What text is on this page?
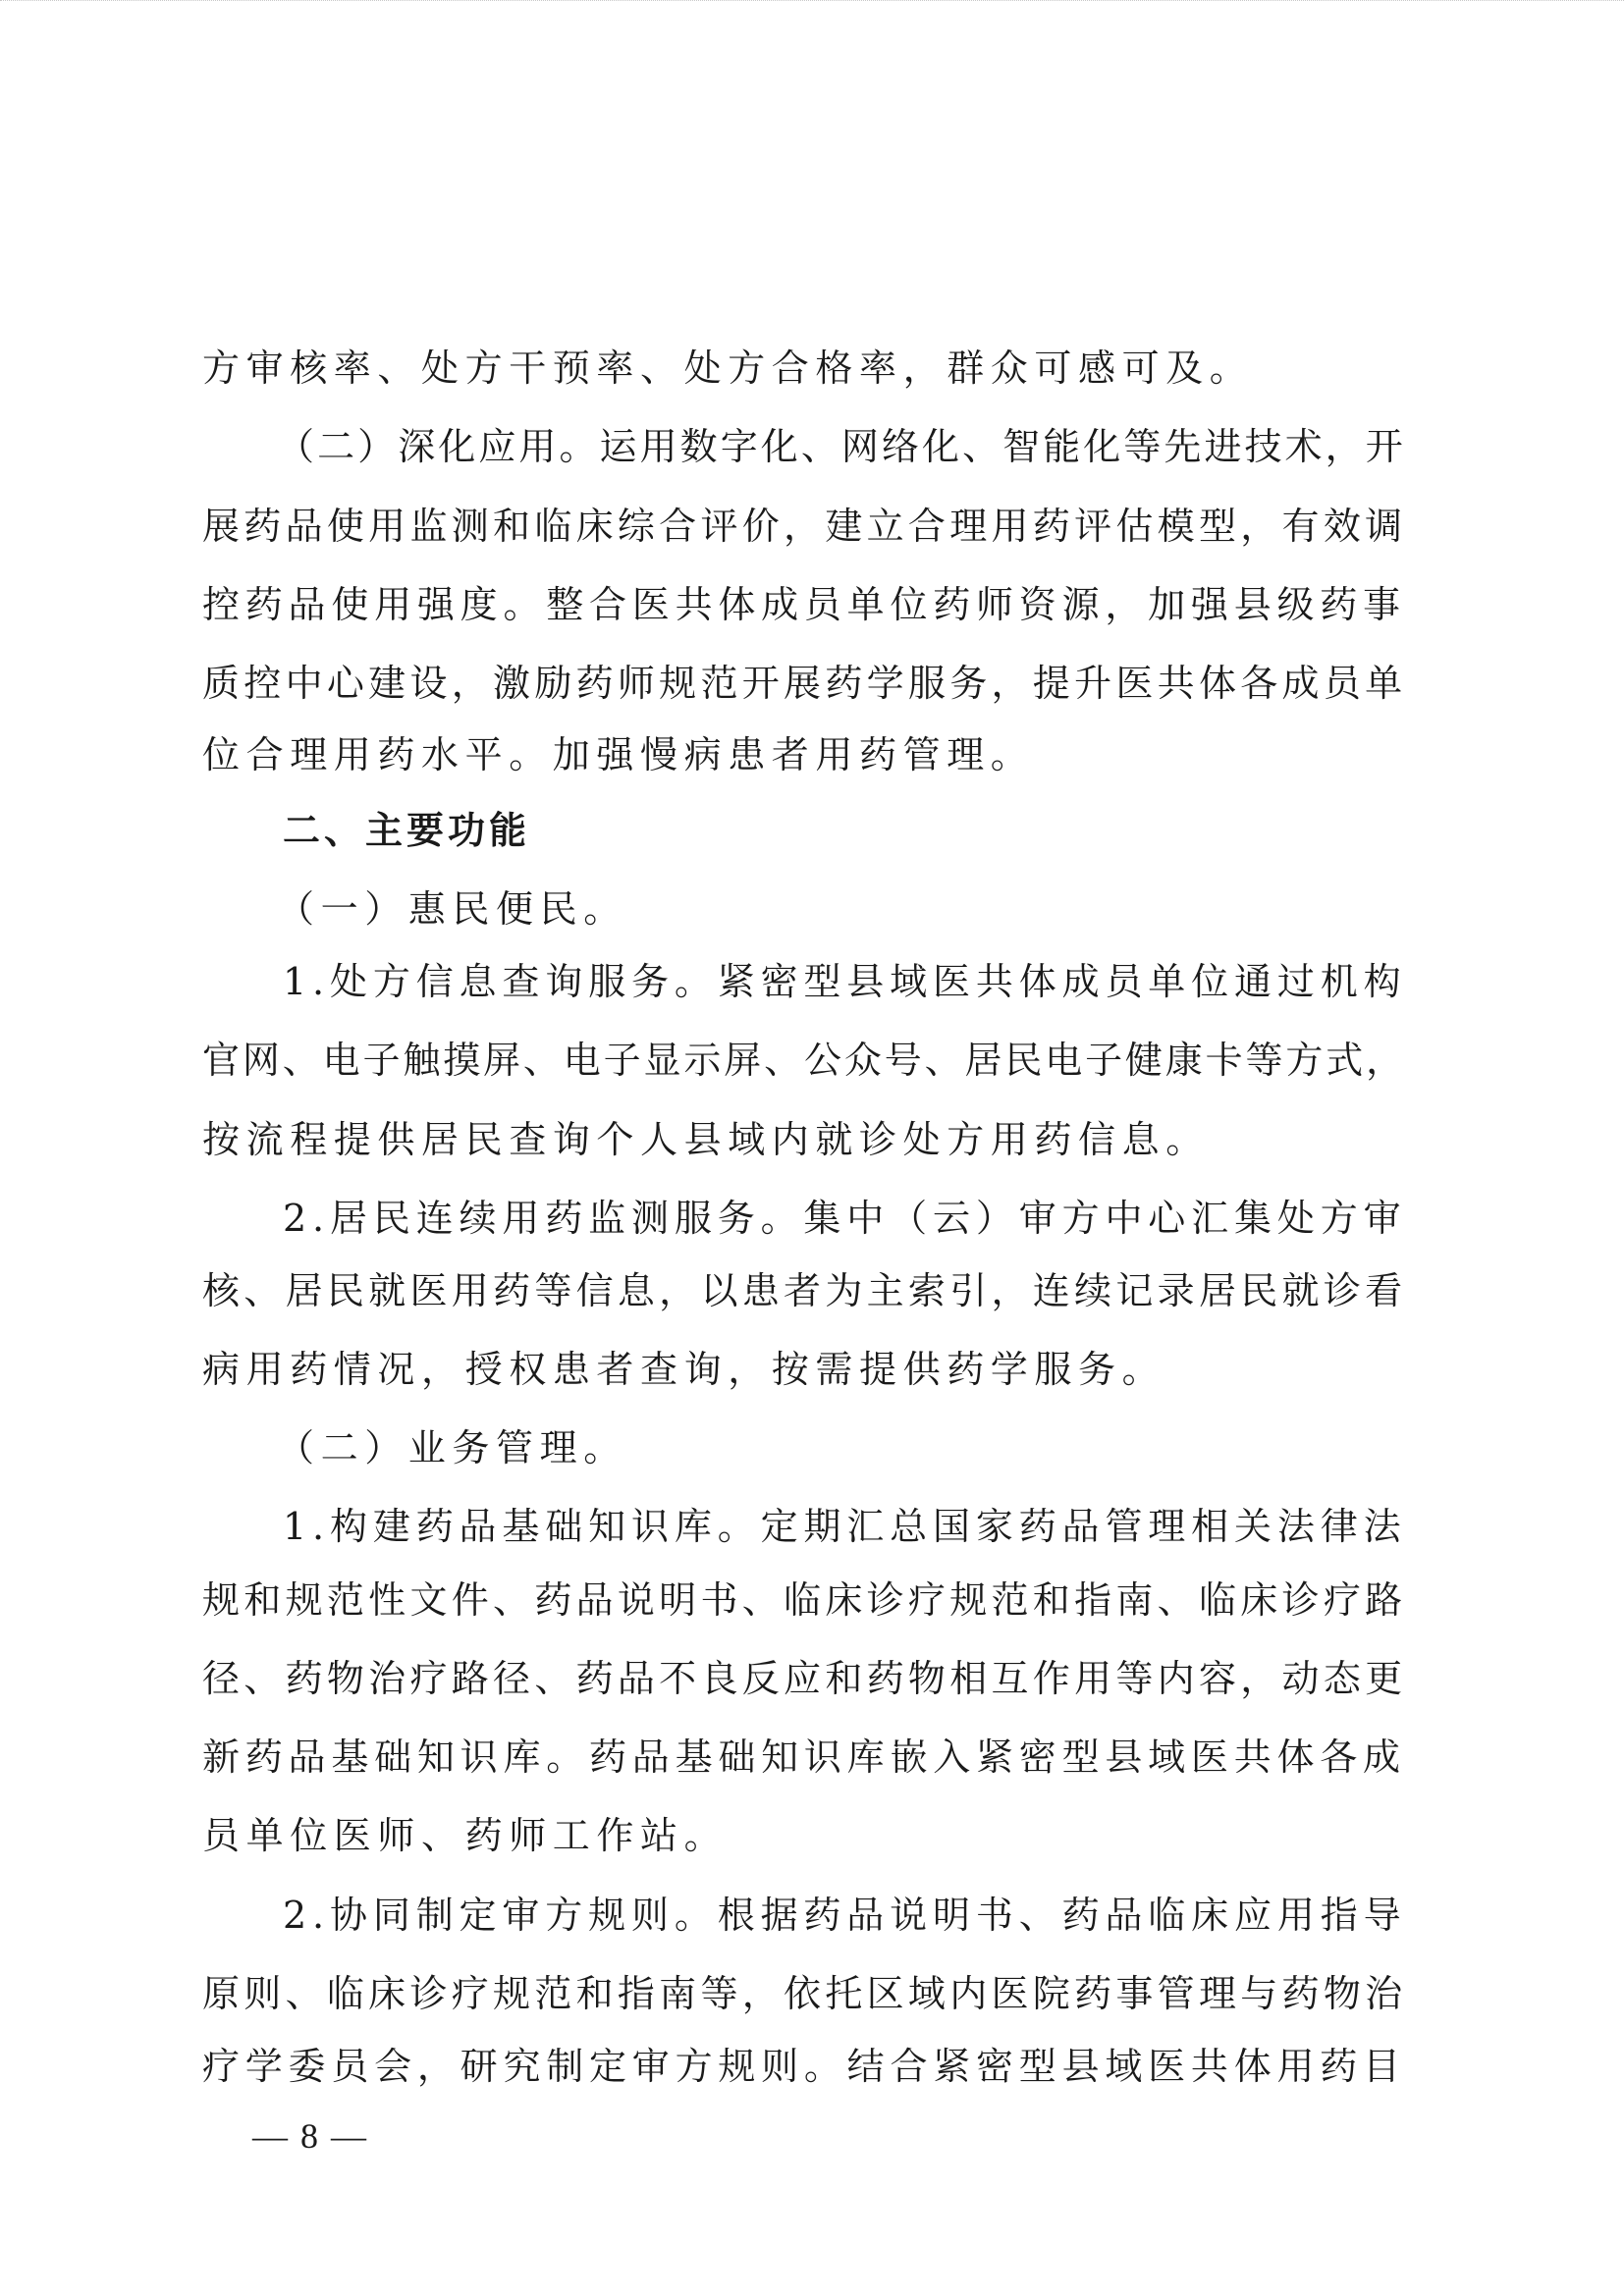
方审核率、处方干预率、处方合格率，群众可感可及。
（二）深化应用。运用数字化、网络化、智能化等先进技术，开
展药品使用监测和临床综合评价，建立合理用药评估模型，有效调
控药品使用强度。整合医共体成员单位药师资源，加强县级药事
质控中心建设，激励药师规范开展药学服务，提升医共体各成员单
位合理用药水平。加强慢病患者用药管理。
二、主要功能
（一）惠民便民。
1.处方信息查询服务。紧密型县域医共体成员单位通过机构
官网、电子触摸屏、电子显示屏、公众号、居民电子健康卡等方式，
按流程提供居民查询个人县域内就诊处方用药信息。
2.居民连续用药监测服务。集中（云）审方中心汇集处方审
核、居民就医用药等信息，以患者为主索引，连续记录居民就诊看
病用药情况，授权患者查询，按需提供药学服务。
（二）业务管理。
1.构建药品基础知识库。定期汇总国家药品管理相关法律法
规和规范性文件、药品说明书、临床诊疗规范和指南、临床诊疗路
径、药物治疗路径、药品不良反应和药物相互作用等内容，动态更
新药品基础知识库。药品基础知识库嵌入紧密型县域医共体各成
员单位医师、药师工作站。
2.协同制定审方规则。根据药品说明书、药品临床应用指导
原则、临床诊疗规范和指南等，依托区域内医院药事管理与药物治
疗学委员会，研究制定审方规则。结合紧密型县域医共体用药目
— 8 —
